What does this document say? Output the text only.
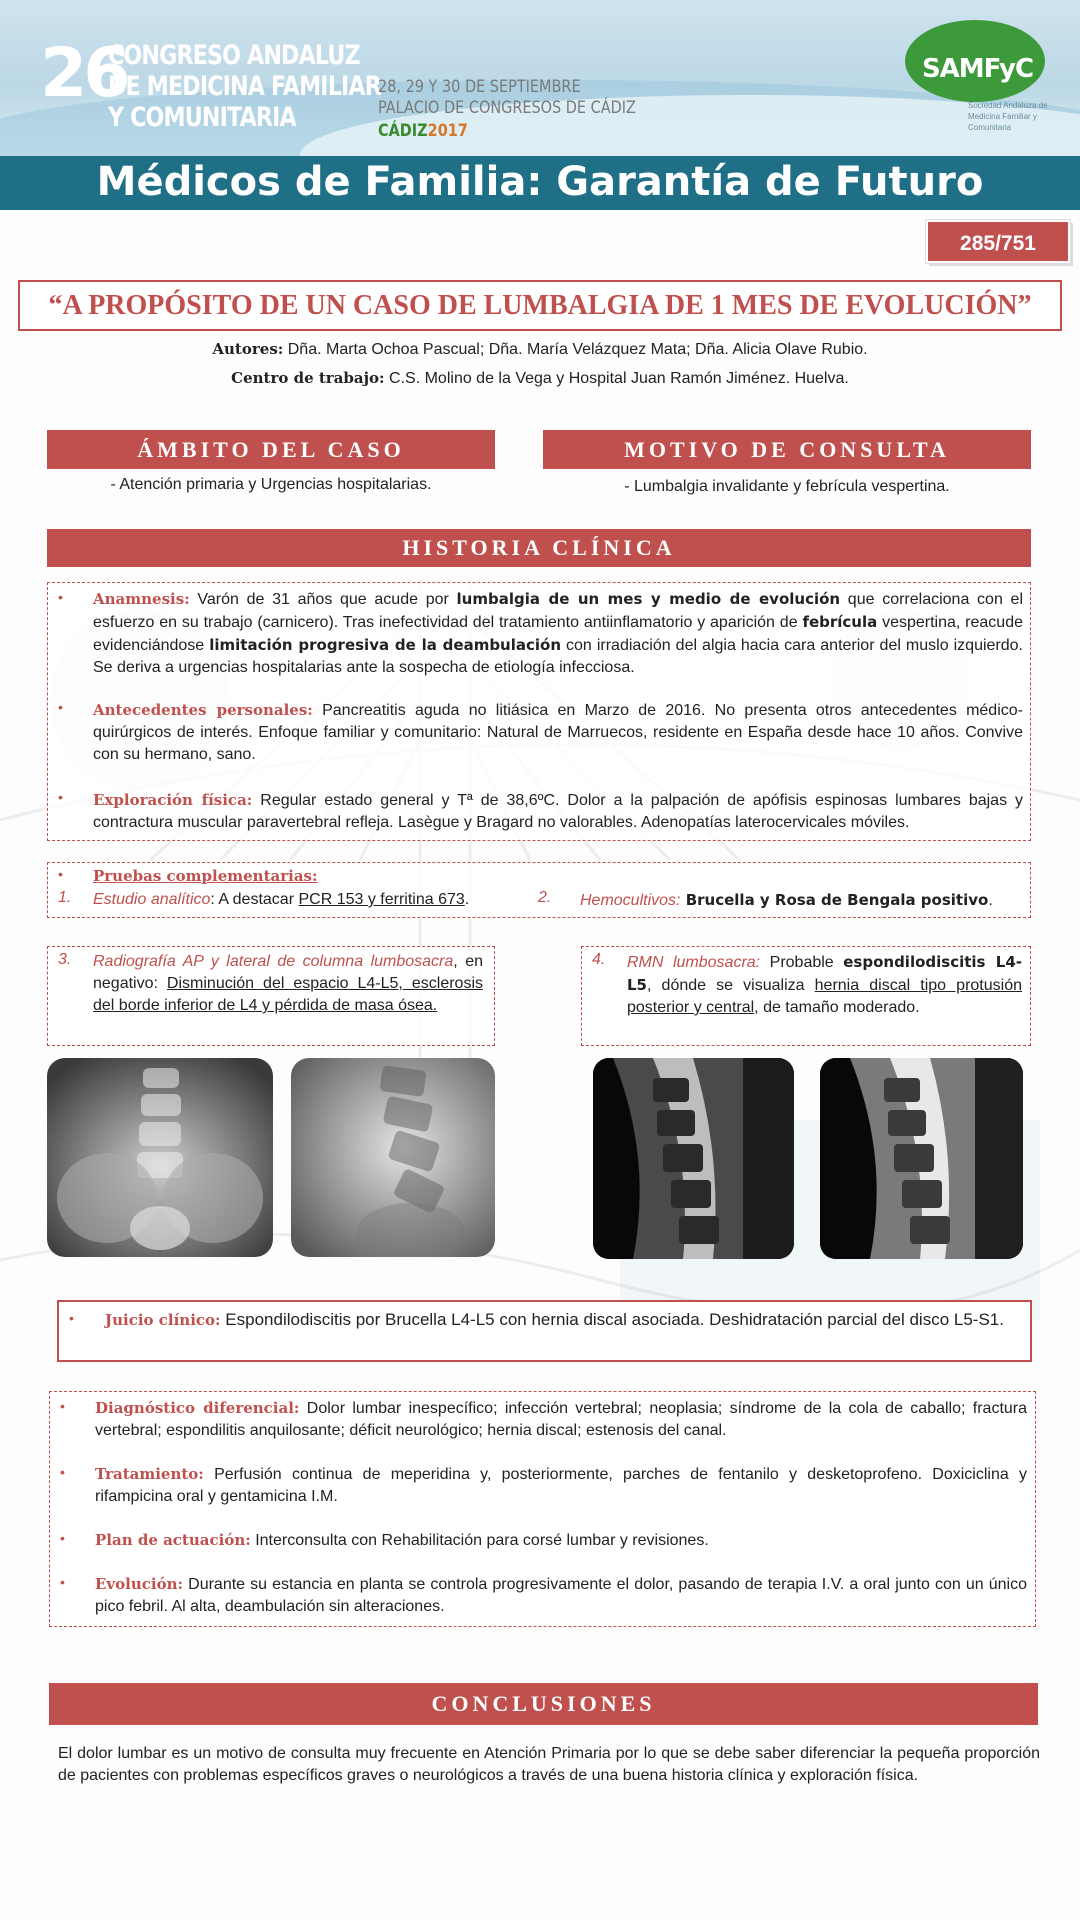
26
CONGRESO ANDALUZ
DE MEDICINA FAMILIAR
Y COMUNITARIA
28, 29 Y 30 DE SEPTIEMBRE
PALACIO DE CONGRESOS DE CÁDIZ
CÁDIZ2017
SAMFyC
Sociedad Andaluza de Medicina Familiar y Comunitaria
Médicos de Familia: Garantía de Futuro
285/751
“A PROPÓSITO DE UN CASO DE LUMBALGIA DE 1 MES DE EVOLUCIÓN”
Autores: Dña. Marta Ochoa Pascual; Dña. María Velázquez Mata; Dña. Alicia Olave Rubio.
Centro de trabajo: C.S. Molino de la Vega y Hospital Juan Ramón Jiménez. Huelva.
ÁMBITO DEL CASO
- Atención primaria y Urgencias hospitalarias.
MOTIVO DE CONSULTA
- Lumbalgia invalidante y febrícula vespertina.
HISTORIA CLÍNICA
• Anamnesis: Varón de 31 años que acude por lumbalgia de un mes y medio de evolución que correlaciona con el esfuerzo en su trabajo (carnicero). Tras inefectividad del tratamiento antiinflamatorio y aparición de febrícula vespertina, reacude evidenciándose limitación progresiva de la deambulación con irradiación del algia hacia cara anterior del muslo izquierdo. Se deriva a urgencias hospitalarias ante la sospecha de etiología infecciosa.
• Antecedentes personales: Pancreatitis aguda no litiásica en Marzo de 2016. No presenta otros antecedentes médico-quirúrgicos de interés. Enfoque familiar y comunitario: Natural de Marruecos, residente en España desde hace 10 años. Convive con su hermano, sano.
• Exploración física: Regular estado general y Tª de 38,6ºC. Dolor a la palpación de apófisis espinosas lumbares bajas y contractura muscular paravertebral refleja. Lasègue y Bragard no valorables. Adenopatías laterocervicales móviles.
• Pruebas complementarias:
1. Estudio analítico: A destacar PCR 153 y ferritina 673.	2. Hemocultivos: Brucella y Rosa de Bengala positivo.
3. Radiografía AP y lateral de columna lumbosacra, en negativo: Disminución del espacio L4-L5, esclerosis del borde inferior de L4 y pérdida de masa ósea.
4. RMN lumbosacra: Probable espondilodiscitis L4-L5, dónde se visualiza hernia discal tipo protusión posterior y central, de tamaño moderado.
• Juicio clínico: Espondilodiscitis por Brucella L4-L5 con hernia discal asociada. Deshidratación parcial del disco L5-S1.
• Diagnóstico diferencial: Dolor lumbar inespecífico; infección vertebral; neoplasia; síndrome de la cola de caballo; fractura vertebral; espondilitis anquilosante; déficit neurológico; hernia discal; estenosis del canal.
• Tratamiento: Perfusión continua de meperidina y, posteriormente, parches de fentanilo y desketoprofeno. Doxiciclina y rifampicina oral y gentamicina I.M.
• Plan de actuación: Interconsulta con Rehabilitación para corsé lumbar y revisiones.
• Evolución: Durante su estancia en planta se controla progresivamente el dolor, pasando de terapia I.V. a oral junto con un único pico febril. Al alta, deambulación sin alteraciones.
CONCLUSIONES
El dolor lumbar es un motivo de consulta muy frecuente en Atención Primaria por lo que se debe saber diferenciar la pequeña proporción de pacientes con problemas específicos graves o neurológicos a través de una buena historia clínica y exploración física.
